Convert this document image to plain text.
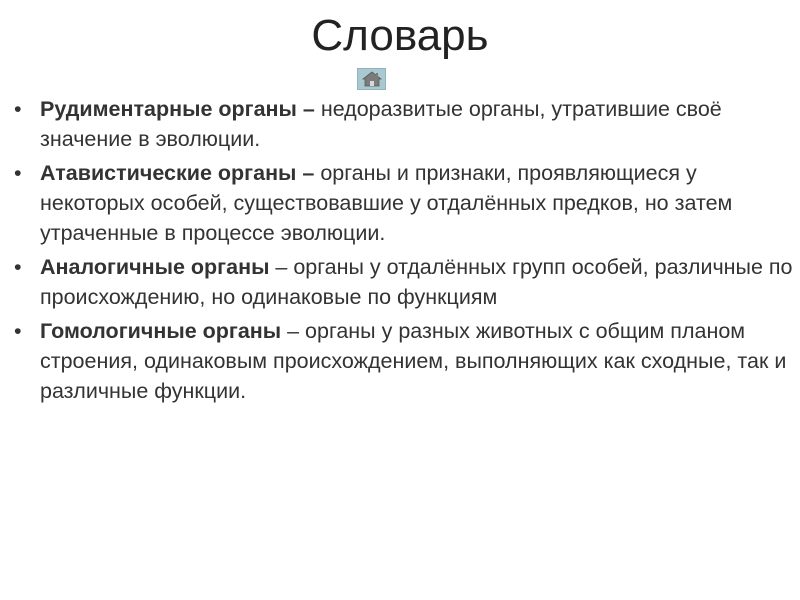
Словарь
• Рудиментарные органы – недоразвитые органы, утратившие своё значение в эволюции.
• Атавистические органы – органы и признаки, проявляющиеся у некоторых особей, существовавшие у отдалённых предков, но затем утраченные в процессе эволюции.
• Аналогичные органы – органы у отдалённых групп особей, различные по происхождению, но одинаковые по функциям
• Гомологичные органы – органы у разных животных с общим планом строения, одинаковым происхождением, выполняющих как сходные, так и различные функции.
